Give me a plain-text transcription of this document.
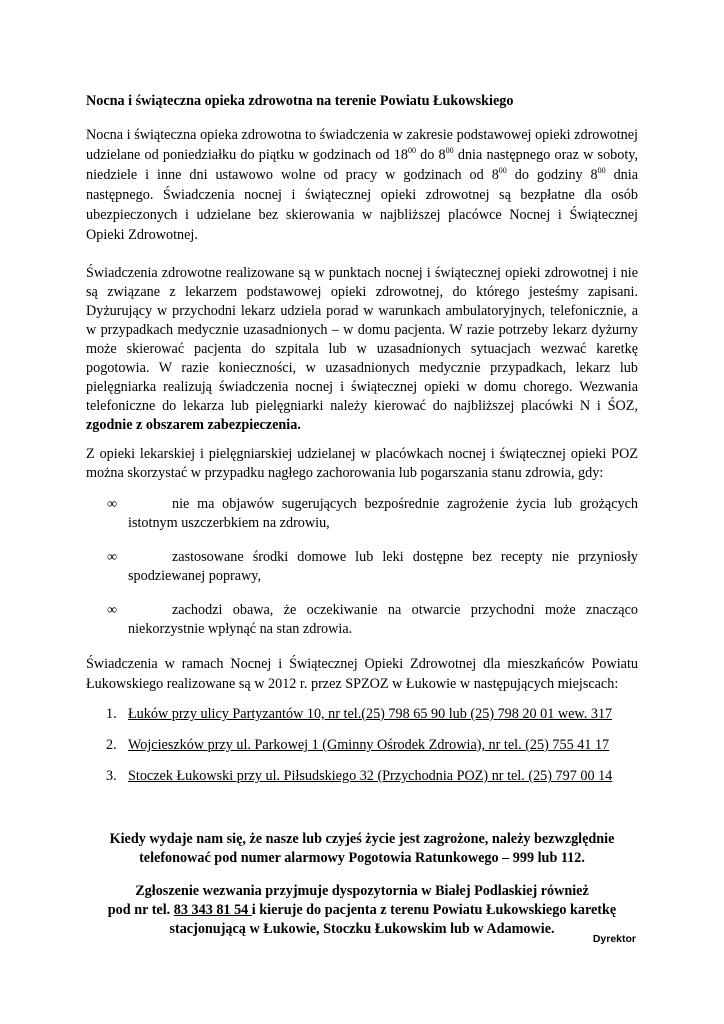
Nocna i świąteczna opieka zdrowotna na terenie Powiatu Łukowskiego

Nocna i świąteczna opieka zdrowotna to świadczenia w zakresie podstawowej opieki zdrowotnej udzielane od poniedziałku do piątku w godzinach od $18^{00}$ do $8^{00}$ dnia następnego oraz w soboty, niedziele i inne dni ustawowo wolne od pracy w godzinach od $8^{00}$ do godziny $8^{00}$ dnia następnego. Świadczenia nocnej i świątecznej opieki zdrowotnej są bezpłatne dla osób ubezpieczonych i udzielane bez skierowania w najbliższej placówce Nocnej i Świątecznej Opieki Zdrowotnej.

Świadczenia zdrowotne realizowane są w punktach nocnej i świątecznej opieki zdrowotnej i nie są związane z lekarzem podstawowej opieki zdrowotnej, do którego jesteśmy zapisani. Dyżurujący w przychodni lekarz udziela porad w warunkach ambulatoryjnych, telefonicznie, a w przypadkach medycznie uzasadnionych – w domu pacjenta. W razie potrzeby lekarz dyżurny może skierować pacjenta do szpitala lub w uzasadnionych sytuacjach wezwać karetkę pogotowia. W razie konieczności, w uzasadnionych medycznie przypadkach, lekarz lub pielęgniarka realizują świadczenia nocnej i świątecznej opieki w domu chorego. Wezwania telefoniczne do lekarza lub pielęgniarki należy kierować do najbliższej placówki N i ŚOZ, zgodnie z obszarem zabezpieczenia.

Z opieki lekarskiej i pielęgniarskiej udzielanej w placówkach nocnej i świątecznej opieki POZ można skorzystać w przypadku nagłego zachorowania lub pogarszania stanu zdrowia, gdy:

∞	nie ma objawów sugerujących bezpośrednie zagrożenie życia lub grożących istotnym uszczerbkiem na zdrowiu,
∞	zastosowane środki domowe lub leki dostępne bez recepty nie przyniosły spodziewanej poprawy,
∞	zachodzi obawa, że oczekiwanie na otwarcie przychodni może znacząco niekorzystnie wpłynąć na stan zdrowia.

Świadczenia w ramach Nocnej i Świątecznej Opieki Zdrowotnej dla mieszkańców Powiatu Łukowskiego realizowane są w 2012 r. przez SPZOZ w Łukowie w następujących miejscach:

1. Łuków przy ulicy Partyzantów 10, nr tel.(25) 798 65 90 lub (25) 798 20 01 wew. 317
2. Wojcieszków przy ul. Parkowej 1 (Gminny Ośrodek Zdrowia), nr tel. (25) 755 41 17
3. Stoczek Łukowski przy ul. Piłsudskiego 32 (Przychodnia POZ) nr tel. (25) 797 00 14

Kiedy wydaje nam się, że nasze lub czyjeś życie jest zagrożone, należy bezwzględnie
telefonować pod numer alarmowy Pogotowia Ratunkowego – 999 lub 112.

Zgłoszenie wezwania przyjmuje dyspozytornia w Białej Podlaskiej również
pod nr tel. 83 343 81 54 i kieruje do pacjenta z terenu Powiatu Łukowskiego karetkę
stacjonującą w Łukowie, Stoczku Łukowskim lub w Adamowie.

Dyrektor
